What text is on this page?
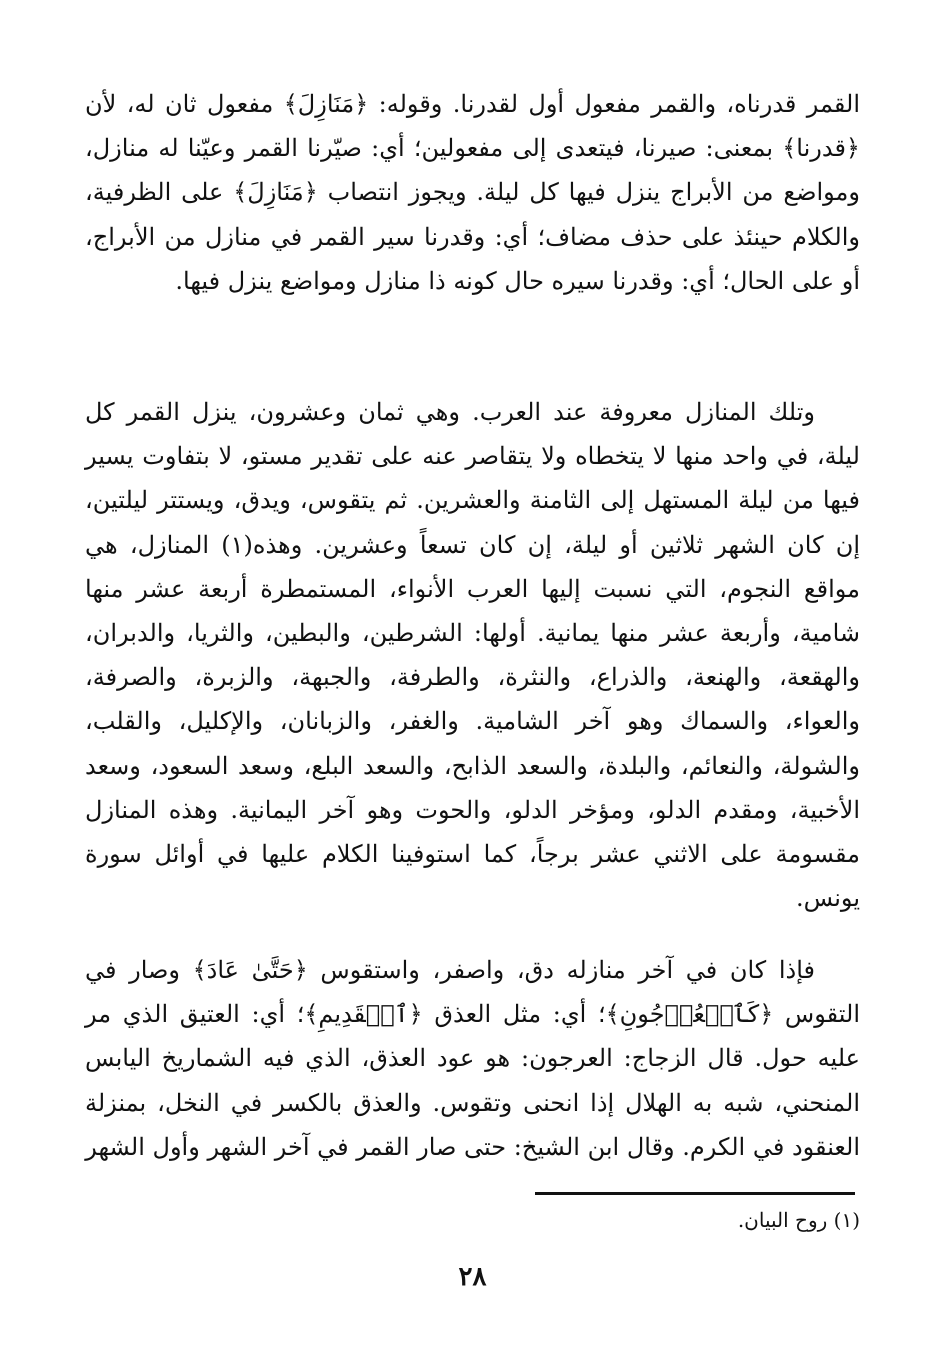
القمر قدرناه، والقمر مفعول أول لقدرنا. وقوله: ﴿مَنَازِلَ﴾ مفعول ثان له، لأن ﴿قدرنا﴾ بمعنى: صيرنا، فيتعدى إلى مفعولين؛ أي: صيّرنا القمر وعيّنا له منازل، ومواضع من الأبراج ينزل فيها كل ليلة. ويجوز انتصاب ﴿مَنَازِلَ﴾ على الظرفية، والكلام حينئذ على حذف مضاف؛ أي: وقدرنا سير القمر في منازل من الأبراج، أو على الحال؛ أي: وقدرنا سيره حال كونه ذا منازل ومواضع ينزل فيها.

وتلك المنازل معروفة عند العرب. وهي ثمان وعشرون، ينزل القمر كل ليلة، في واحد منها لا يتخطاه ولا يتقاصر عنه على تقدير مستو، لا بتفاوت يسير فيها من ليلة المستهل إلى الثامنة والعشرين. ثم يتقوس، ويدق، ويستتر ليلتين، إن كان الشهر ثلاثين أو ليلة، إن كان تسعاً وعشرين. وهذه(١) المنازل، هي مواقع النجوم، التي نسبت إليها العرب الأنواء، المستمطرة أربعة عشر منها شامية، وأربعة عشر منها يمانية. أولها: الشرطين، والبطين، والثريا، والدبران، والهقعة، والهنعة، والذراع، والنثرة، والطرفة، والجبهة، والزبرة، والصرفة، والعواء، والسماك وهو آخر الشامية. والغفر، والزبانان، والإكليل، والقلب، والشولة، والنعائم، والبلدة، والسعد الذابح، والسعد البلع، وسعد السعود، وسعد الأخبية، ومقدم الدلو، ومؤخر الدلو، والحوت وهو آخر اليمانية. وهذه المنازل مقسومة على الاثني عشر برجاً، كما استوفينا الكلام عليها في أوائل سورة يونس.

فإذا كان في آخر منازله دق، واصفر، واستقوس ﴿حَتَّىٰ عَادَ﴾ وصار في التقوس ﴿كَٱلۡعُرۡجُونِ﴾؛ أي: مثل العذق ﴿ٱلۡقَدِيمِ﴾؛ أي: العتيق الذي مر عليه حول. قال الزجاج: العرجون: هو عود العذق، الذي فيه الشماريخ اليابس المنحني، شبه به الهلال إذا انحنى وتقوس. والعذق بالكسر في النخل، بمنزلة العنقود في الكرم. وقال ابن الشيخ: حتى صار القمر في آخر الشهر وأول الشهر

(١) روح البيان.

٢٨
